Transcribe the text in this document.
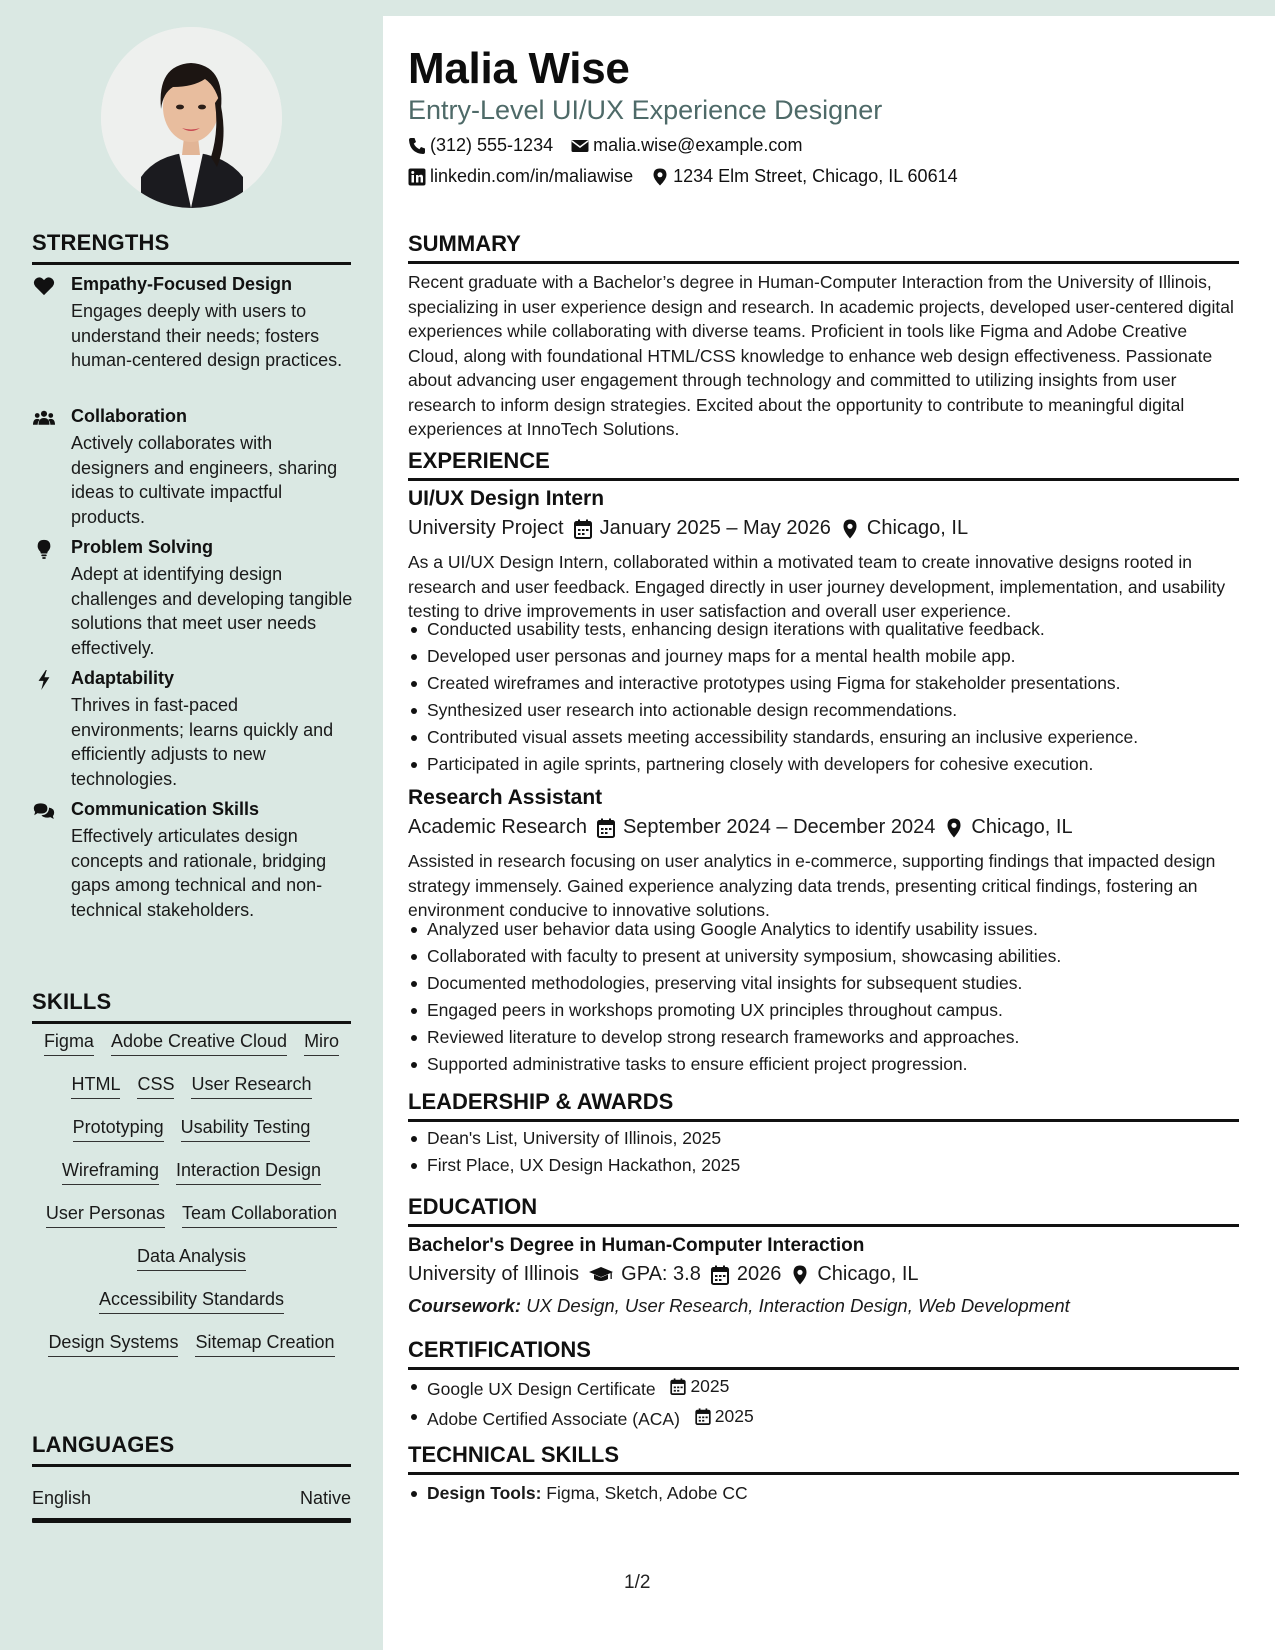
STRENGTHS
Empathy-Focused Design
Engages deeply with users to understand their needs; fosters human-centered design practices.
Collaboration
Actively collaborates with designers and engineers, sharing ideas to cultivate impactful products.
Problem Solving
Adept at identifying design challenges and developing tangible solutions that meet user needs effectively.
Adaptability
Thrives in fast-paced environments; learns quickly and efficiently adjusts to new technologies.
Communication Skills
Effectively articulates design concepts and rationale, bridging gaps among technical and non-technical stakeholders.
SKILLS
Figma Adobe Creative Cloud Miro
HTML CSS User Research
Prototyping Usability Testing
Wireframing Interaction Design
User Personas Team Collaboration
Data Analysis
Accessibility Standards
Design Systems Sitemap Creation
LANGUAGES
English	Native
Malia Wise
Entry-Level UI/UX Experience Designer
(312) 555-1234 malia.wise@example.com
linkedin.com/in/maliawise 1234 Elm Street, Chicago, IL 60614
SUMMARY
Recent graduate with a Bachelor’s degree in Human-Computer Interaction from the University of Illinois, specializing in user experience design and research. In academic projects, developed user-centered digital experiences while collaborating with diverse teams. Proficient in tools like Figma and Adobe Creative Cloud, along with foundational HTML/CSS knowledge to enhance web design effectiveness. Passionate about advancing user engagement through technology and committed to utilizing insights from user research to inform design strategies. Excited about the opportunity to contribute to meaningful digital experiences at InnoTech Solutions.
EXPERIENCE
UI/UX Design Intern
University Project January 2025 – May 2026 Chicago, IL
As a UI/UX Design Intern, collaborated within a motivated team to create innovative designs rooted in research and user feedback. Engaged directly in user journey development, implementation, and usability testing to drive improvements in user satisfaction and overall user experience.
Conducted usability tests, enhancing design iterations with qualitative feedback.
Developed user personas and journey maps for a mental health mobile app.
Created wireframes and interactive prototypes using Figma for stakeholder presentations.
Synthesized user research into actionable design recommendations.
Contributed visual assets meeting accessibility standards, ensuring an inclusive experience.
Participated in agile sprints, partnering closely with developers for cohesive execution.
Research Assistant
Academic Research September 2024 – December 2024 Chicago, IL
Assisted in research focusing on user analytics in e-commerce, supporting findings that impacted design strategy immensely. Gained experience analyzing data trends, presenting critical findings, fostering an environment conducive to innovative solutions.
Analyzed user behavior data using Google Analytics to identify usability issues.
Collaborated with faculty to present at university symposium, showcasing abilities.
Documented methodologies, preserving vital insights for subsequent studies.
Engaged peers in workshops promoting UX principles throughout campus.
Reviewed literature to develop strong research frameworks and approaches.
Supported administrative tasks to ensure efficient project progression.
LEADERSHIP & AWARDS
Dean's List, University of Illinois, 2025
First Place, UX Design Hackathon, 2025
EDUCATION
Bachelor's Degree in Human-Computer Interaction
University of Illinois GPA: 3.8 2026 Chicago, IL
Coursework: UX Design, User Research, Interaction Design, Web Development
CERTIFICATIONS
Google UX Design Certificate 2025
Adobe Certified Associate (ACA) 2025
TECHNICAL SKILLS
Design Tools: Figma, Sketch, Adobe CC
1/2
